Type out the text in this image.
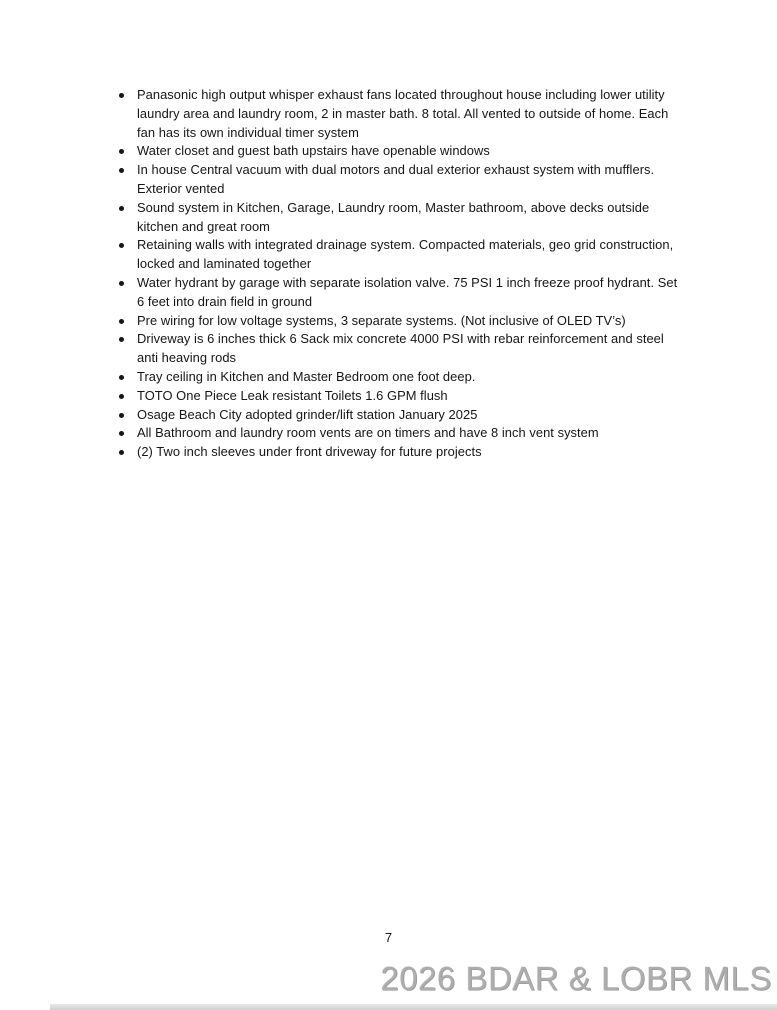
Panasonic high output whisper exhaust fans located throughout house including lower utility laundry area and laundry room, 2 in master bath. 8 total. All vented to outside of home. Each fan has its own individual timer system
Water closet and guest bath upstairs have openable windows
In house Central vacuum with dual motors and dual exterior exhaust system with mufflers. Exterior vented
Sound system in Kitchen, Garage, Laundry room, Master bathroom, above decks outside kitchen and great room
Retaining walls with integrated drainage system. Compacted materials, geo grid construction, locked and laminated together
Water hydrant by garage with separate isolation valve. 75 PSI 1 inch freeze proof hydrant. Set 6 feet into drain field in ground
Pre wiring for low voltage systems, 3 separate systems. (Not inclusive of OLED TV’s)
Driveway is 6 inches thick 6 Sack mix concrete 4000 PSI with rebar reinforcement and steel anti heaving rods
Tray ceiling in Kitchen and Master Bedroom one foot deep.
TOTO One Piece Leak resistant Toilets 1.6 GPM flush
Osage Beach City adopted grinder/lift station January 2025
All Bathroom and laundry room vents are on timers and have 8 inch vent system
(2) Two inch sleeves under front driveway for future projects
7
2026 BDAR & LOBR MLS
